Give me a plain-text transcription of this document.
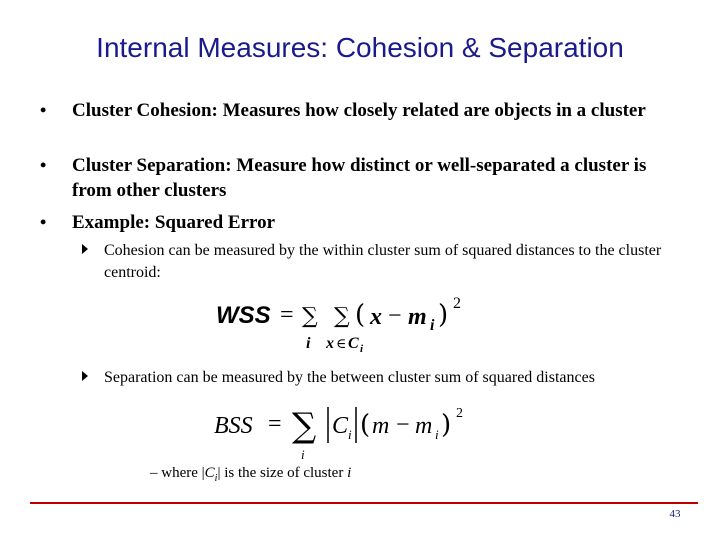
Internal Measures: Cohesion & Separation
• Cluster Cohesion: Measures how closely related are objects in a cluster
• Cluster Separation: Measure how distinct or well-separated a cluster is from other clusters
• Example: Squared Error
Cohesion can be measured by the within cluster sum of squared distances to the cluster centroid:
WSS = ∑ ∑ ( x − m i ) 2
i x ∈ C i
Separation can be measured by the between cluster sum of squared distances
BSS = ∑
i
C i ( m − m i ) 2
– where $|C_i|$ is the size of cluster i
43
